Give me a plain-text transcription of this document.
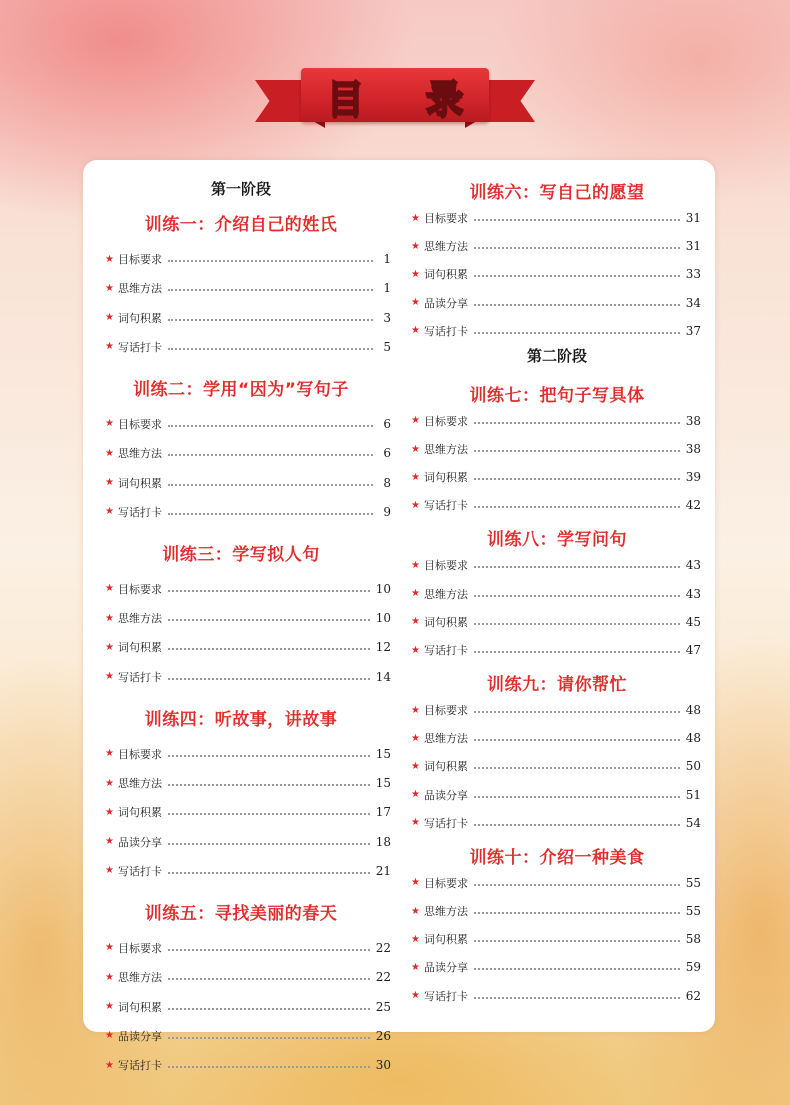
目 录
第一阶段
训练一：介绍自己的姓氏
★ 目标要求	1
★ 思维方法	1
★ 词句积累	3
★ 写话打卡	5
训练二：学用“因为”写句子
★ 目标要求	6
★ 思维方法	6
★ 词句积累	8
★ 写话打卡	9
训练三：学写拟人句
★ 目标要求	10
★ 思维方法	10
★ 词句积累	12
★ 写话打卡	14
训练四：听故事，讲故事
★ 目标要求	15
★ 思维方法	15
★ 词句积累	17
★ 品读分享	18
★ 写话打卡	21
训练五：寻找美丽的春天
★ 目标要求	22
★ 思维方法	22
★ 词句积累	25
★ 品读分享	26
★ 写话打卡	30
训练六：写自己的愿望
★ 目标要求	31
★ 思维方法	31
★ 词句积累	33
★ 品读分享	34
★ 写话打卡	37
第二阶段
训练七：把句子写具体
★ 目标要求	38
★ 思维方法	38
★ 词句积累	39
★ 写话打卡	42
训练八：学写问句
★ 目标要求	43
★ 思维方法	43
★ 词句积累	45
★ 写话打卡	47
训练九：请你帮忙
★ 目标要求	48
★ 思维方法	48
★ 词句积累	50
★ 品读分享	51
★ 写话打卡	54
训练十：介绍一种美食
★ 目标要求	55
★ 思维方法	55
★ 词句积累	58
★ 品读分享	59
★ 写话打卡	62
